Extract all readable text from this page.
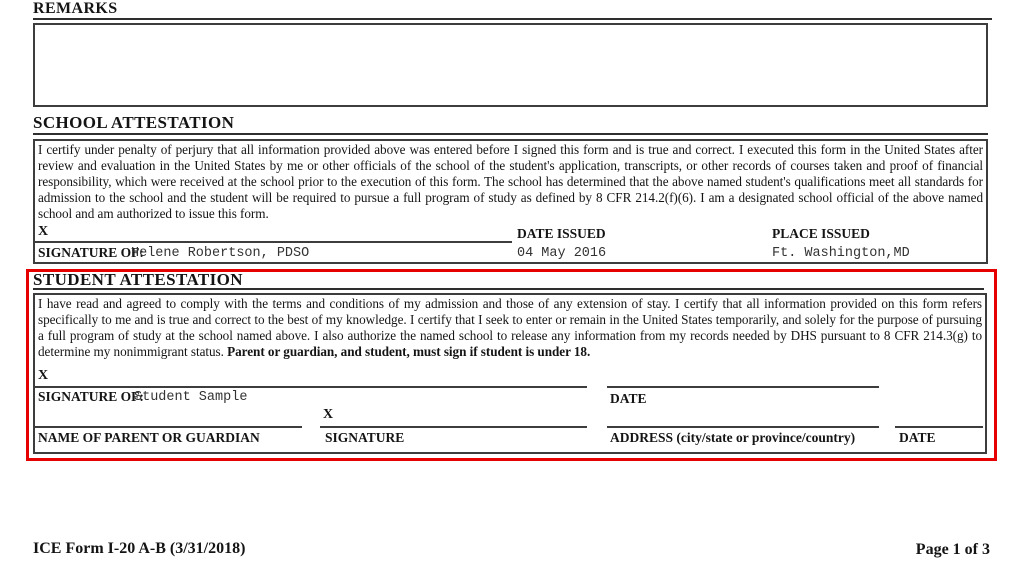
REMARKS
SCHOOL ATTESTATION

I certify under penalty of perjury that all information provided above was entered before I signed this form and is true and correct. I executed this form in the United States after review and evaluation in the United States by me or other officials of the school of the student's application, transcripts, or other records of courses taken and proof of financial responsibility, which were received at the school prior to the execution of this form. The school has determined that the above named student's qualifications meet all standards for admission to the school and the student will be required to pursue a full program of study as defined by 8 CFR 214.2(f)(6). I am a designated school official of the above named school and am authorized to issue this form.

X	DATE ISSUED	PLACE ISSUED
SIGNATURE OF:
Helene Robertson, PDSO	04 May 2016	Ft. Washington,MD
STUDENT ATTESTATION

I have read and agreed to comply with the terms and conditions of my admission and those of any extension of stay. I certify that all information provided on this form refers specifically to me and is true and correct to the best of my knowledge. I certify that I seek to enter or remain in the United States temporarily, and solely for the purpose of pursuing a full program of study at the school named above. I also authorize the named school to release any information from my records needed by DHS pursuant to 8 CFR 214.3(g) to determine my nonimmigrant status. Parent or guardian, and student, must sign if student is under 18.

X
SIGNATURE OF:
Student Sample	DATE
X
NAME OF PARENT OR GUARDIAN	SIGNATURE	ADDRESS (city/state or province/country)	DATE
ICE Form I-20 A-B (3/31/2018)	Page 1 of 3
